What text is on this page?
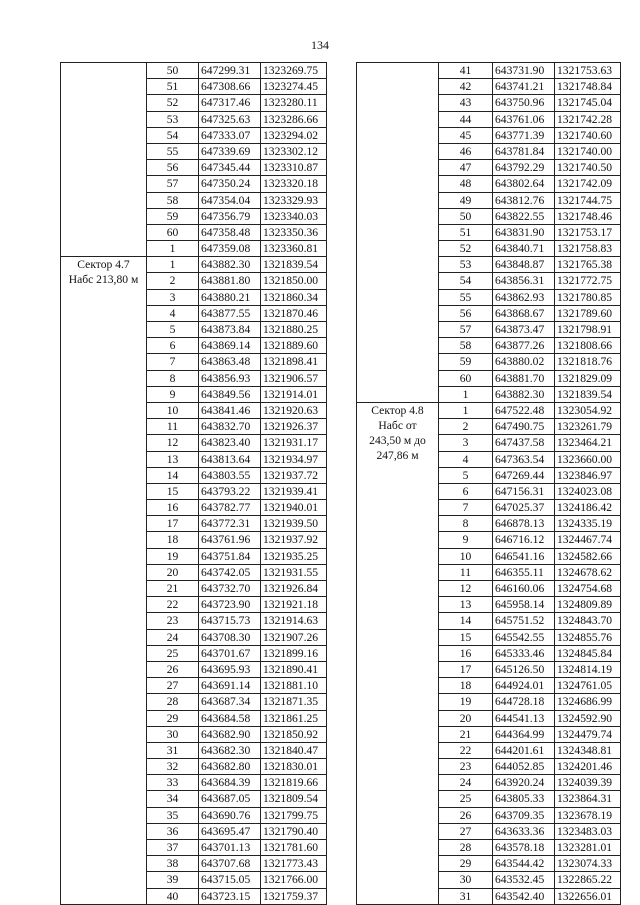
134
	50	647299.31	1323269.75
	51	647308.66	1323274.45
	52	647317.46	1323280.11
	53	647325.63	1323286.66
	54	647333.07	1323294.02
	55	647339.69	1323302.12
	56	647345.44	1323310.87
	57	647350.24	1323320.18
	58	647354.04	1323329.93
	59	647356.79	1323340.03
	60	647358.48	1323350.36
	1	647359.08	1323360.81

Сектор 4.7
Набс 213,80 м	1	643882.30	1321839.54
	2	643881.80	1321850.00
	3	643880.21	1321860.34
	4	643877.55	1321870.46
	5	643873.84	1321880.25
	6	643869.14	1321889.60
	7	643863.48	1321898.41
	8	643856.93	1321906.57
	9	643849.56	1321914.01
	10	643841.46	1321920.63
	11	643832.70	1321926.37
	12	643823.40	1321931.17
	13	643813.64	1321934.97
	14	643803.55	1321937.72
	15	643793.22	1321939.41
	16	643782.77	1321940.01
	17	643772.31	1321939.50
	18	643761.96	1321937.92
	19	643751.84	1321935.25
	20	643742.05	1321931.55
	21	643732.70	1321926.84
	22	643723.90	1321921.18
	23	643715.73	1321914.63
	24	643708.30	1321907.26
	25	643701.67	1321899.16
	26	643695.93	1321890.41
	27	643691.14	1321881.10
	28	643687.34	1321871.35
	29	643684.58	1321861.25
	30	643682.90	1321850.92
	31	643682.30	1321840.47
	32	643682.80	1321830.01
	33	643684.39	1321819.66
	34	643687.05	1321809.54
	35	643690.76	1321799.75
	36	643695.47	1321790.40
	37	643701.13	1321781.60
	38	643707.68	1321773.43
	39	643715.05	1321766.00
	40	643723.15	1321759.37
	41	643731.90	1321753.63
	42	643741.21	1321748.84
	43	643750.96	1321745.04
	44	643761.06	1321742.28
	45	643771.39	1321740.60
	46	643781.84	1321740.00
	47	643792.29	1321740.50
	48	643802.64	1321742.09
	49	643812.76	1321744.75
	50	643822.55	1321748.46
	51	643831.90	1321753.17
	52	643840.71	1321758.83
	53	643848.87	1321765.38
	54	643856.31	1321772.75
	55	643862.93	1321780.85
	56	643868.67	1321789.60
	57	643873.47	1321798.91
	58	643877.26	1321808.66
	59	643880.02	1321818.76
	60	643881.70	1321829.09
	1	643882.30	1321839.54

Сектор 4.8
Набс от
243,50 м до
247,86 м	1	647522.48	1323054.92
	2	647490.75	1323261.79
	3	647437.58	1323464.21
	4	647363.54	1323660.00
	5	647269.44	1323846.97
	6	647156.31	1324023.08
	7	647025.37	1324186.42
	8	646878.13	1324335.19
	9	646716.12	1324467.74
	10	646541.16	1324582.66
	11	646355.11	1324678.62
	12	646160.06	1324754.68
	13	645958.14	1324809.89
	14	645751.52	1324843.70
	15	645542.55	1324855.76
	16	645333.46	1324845.84
	17	645126.50	1324814.19
	18	644924.01	1324761.05
	19	644728.18	1324686.99
	20	644541.13	1324592.90
	21	644364.99	1324479.74
	22	644201.61	1324348.81
	23	644052.85	1324201.46
	24	643920.24	1324039.39
	25	643805.33	1323864.31
	26	643709.35	1323678.19
	27	643633.36	1323483.03
	28	643578.18	1323281.01
	29	643544.42	1323074.33
	30	643532.45	1322865.22
	31	643542.40	1322656.01
